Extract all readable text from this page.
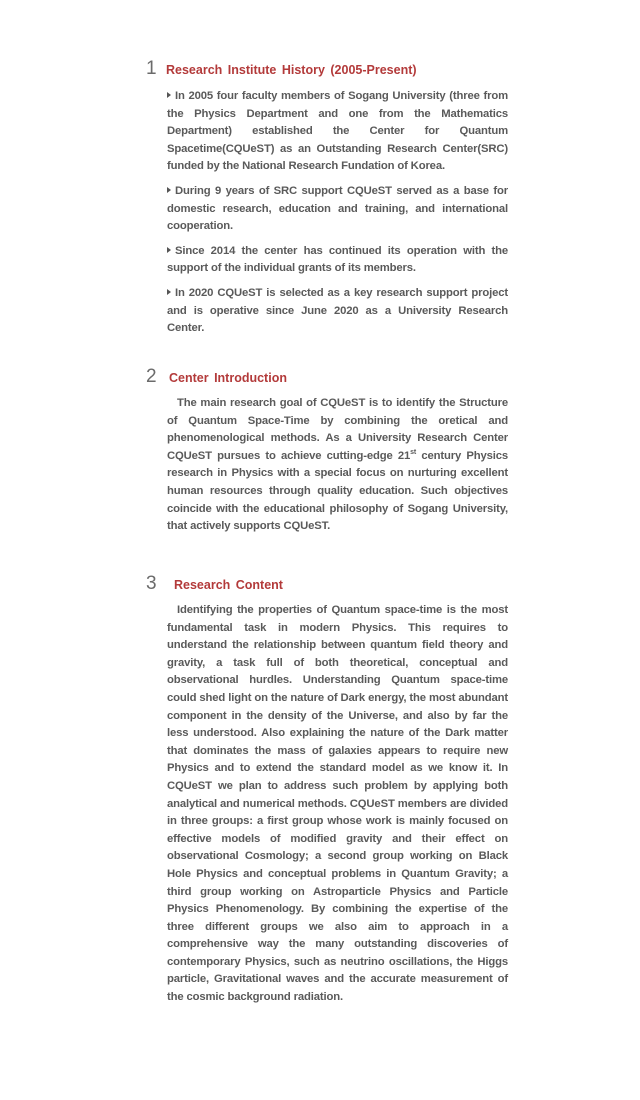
1 Research Institute History (2005-Present)

In 2005 four faculty members of Sogang University (three from the Physics Department and one from the Mathematics Department) established the Center for Quantum Spacetime(CQUeST) as an Outstanding Research Center(SRC) funded by the National Research Fundation of Korea.

During 9 years of SRC support CQUeST served as a base for domestic research, education and training, and international cooperation.

Since 2014 the center has continued its operation with the support of the individual grants of its members.

In 2020 CQUeST is selected as a key research support project and is operative since June 2020 as a University Research Center.

2 Center Introduction

The main research goal of CQUeST is to identify the Structure of Quantum Space-Time by combining the oretical and phenomenological methods. As a University Research Center CQUeST pursues to achieve cutting-edge 21st century Physics research in Physics with a special focus on nurturing excellent human resources through quality education. Such objectives coincide with the educational philosophy of Sogang University, that actively supports CQUeST.

3	Research Content

Identifying the properties of Quantum space-time is the most fundamental task in modern Physics. This requires to understand the relationship between quantum field theory and gravity, a task full of both theoretical, conceptual and observational hurdles. Understanding Quantum space-time could shed light on the nature of Dark energy, the most abundant component in the density of the Universe, and also by far the less understood. Also explaining the nature of the Dark matter that dominates the mass of galaxies appears to require new Physics and to extend the standard model as we know it. In CQUeST we plan to address such problem by applying both analytical and numerical methods. CQUeST members are divided in three groups: a first group whose work is mainly focused on effective models of modified gravity and their effect on observational Cosmology; a second group working on Black Hole Physics and conceptual problems in Quantum Gravity; a third group working on Astroparticle Physics and Particle Physics Phenomenology. By combining the expertise of the three different groups we also aim to approach in a comprehensive way the many outstanding discoveries of contemporary Physics, such as neutrino oscillations, the Higgs particle, Gravitational waves and the accurate measurement of the cosmic background radiation.
